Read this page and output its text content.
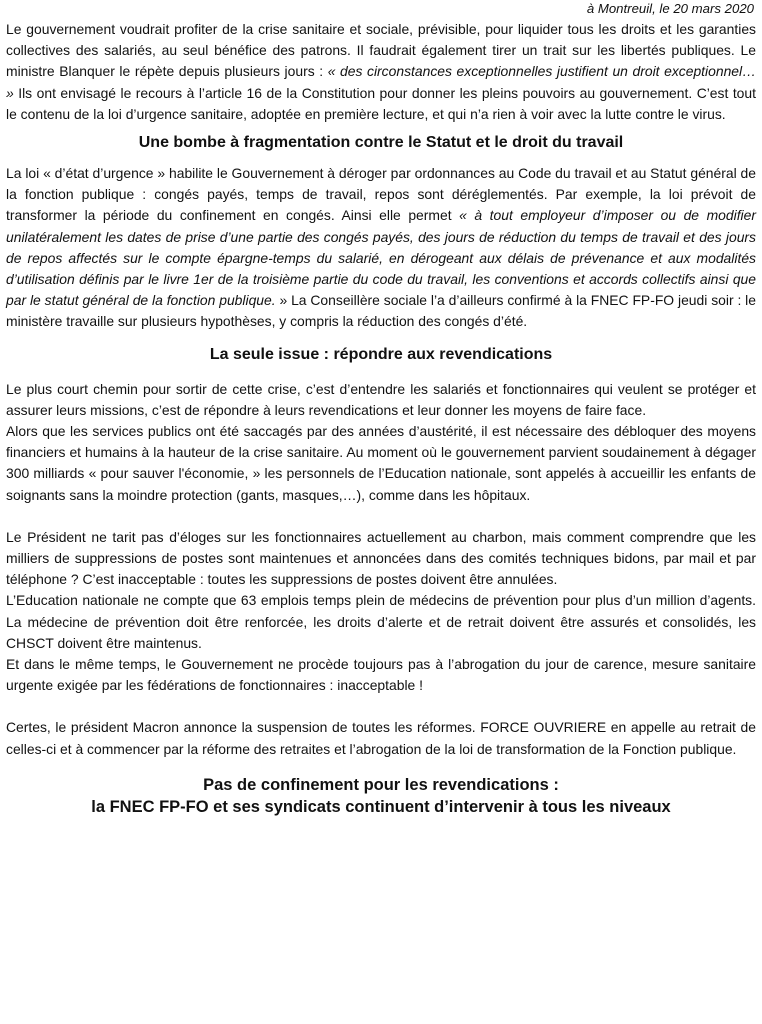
à Montreuil, le 20 mars 2020

Le gouvernement voudrait profiter de la crise sanitaire et sociale, prévisible, pour liquider tous les droits et les garanties collectives des salariés, au seul bénéfice des patrons. Il faudrait également tirer un trait sur les libertés publiques. Le ministre Blanquer le répète depuis plusieurs jours : « des circonstances exceptionnelles justifient un droit exceptionnel… » Ils ont envisagé le recours à l’article 16 de la Constitution pour donner les pleins pouvoirs au gouvernement. C’est tout le contenu de la loi d’urgence sanitaire, adoptée en première lecture, et qui n’a rien à voir avec la lutte contre le virus.

Une bombe à fragmentation contre le Statut et le droit du travail

La loi « d’état d’urgence » habilite le Gouvernement à déroger par ordonnances au Code du travail et au Statut général de la fonction publique : congés payés, temps de travail, repos sont déréglementés. Par exemple, la loi prévoit de transformer la période du confinement en congés. Ainsi elle permet « à tout employeur d’imposer ou de modifier unilatéralement les dates de prise d’une partie des congés payés, des jours de réduction du temps de travail et des jours de repos affectés sur le compte épargne-temps du salarié, en dérogeant aux délais de prévenance et aux modalités d’utilisation définis par le livre 1er de la troisième partie du code du travail, les conventions et accords collectifs ainsi que par le statut général de la fonction publique. » La Conseillère sociale l’a d’ailleurs confirmé à la FNEC FP-FO jeudi soir : le ministère travaille sur plusieurs hypothèses, y compris la réduction des congés d’été.

La seule issue : répondre aux revendications

Le plus court chemin pour sortir de cette crise, c’est d’entendre les salariés et fonctionnaires qui veulent se protéger et assurer leurs missions, c’est de répondre à leurs revendications et leur donner les moyens de faire face.

Alors que les services publics ont été saccagés par des années d’austérité, il est nécessaire des débloquer des moyens financiers et humains à la hauteur de la crise sanitaire. Au moment où le gouvernement parvient soudainement à dégager 300 milliards « pour sauver l'économie, » les personnels de l’Education nationale, sont appelés à accueillir les enfants de soignants sans la moindre protection (gants, masques,…), comme dans les hôpitaux.

Le Président ne tarit pas d’éloges sur les fonctionnaires actuellement au charbon, mais comment comprendre que les milliers de suppressions de postes sont maintenues et annoncées dans des comités techniques bidons, par mail et par téléphone ? C’est inacceptable : toutes les suppressions de postes doivent être annulées.

L’Education nationale ne compte que 63 emplois temps plein de médecins de prévention pour plus d’un million d’agents. La médecine de prévention doit être renforcée, les droits d’alerte et de retrait doivent être assurés et consolidés, les CHSCT doivent être maintenus.

Et dans le même temps, le Gouvernement ne procède toujours pas à l’abrogation du jour de carence, mesure sanitaire urgente exigée par les fédérations de fonctionnaires : inacceptable !

Certes, le président Macron annonce la suspension de toutes les réformes. FORCE OUVRIERE en appelle au retrait de celles-ci et à commencer par la réforme des retraites et l’abrogation de la loi de transformation de la Fonction publique.

Pas de confinement pour les revendications :
la FNEC FP-FO et ses syndicats continuent d’intervenir à tous les niveaux
